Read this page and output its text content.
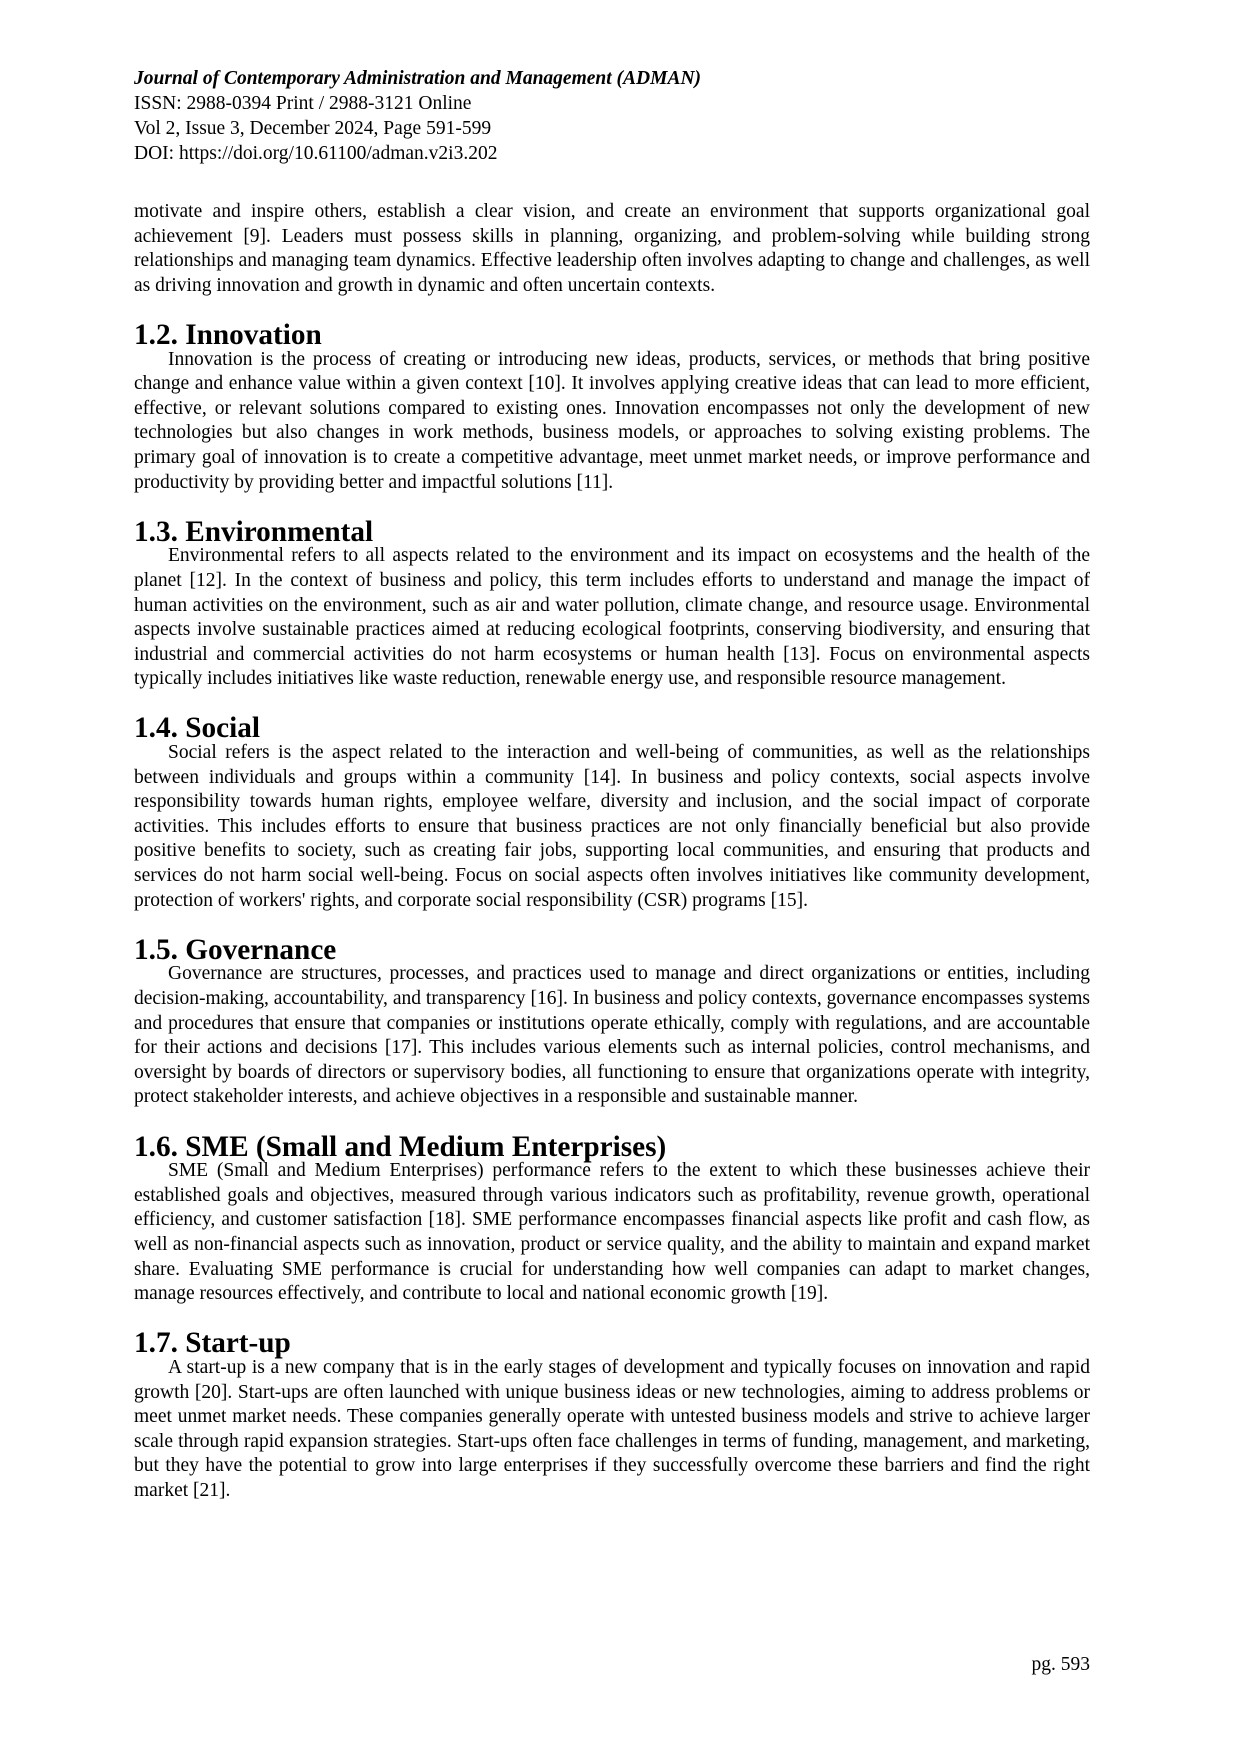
Journal of Contemporary Administration and Management (ADMAN)
ISSN: 2988-0394 Print / 2988-3121 Online
Vol 2, Issue 3, December 2024, Page 591-599
DOI: https://doi.org/10.61100/adman.v2i3.202

motivate and inspire others, establish a clear vision, and create an environment that supports organizational goal achievement [9]. Leaders must possess skills in planning, organizing, and problem-solving while building strong relationships and managing team dynamics. Effective leadership often involves adapting to change and challenges, as well as driving innovation and growth in dynamic and often uncertain contexts.

1.2. Innovation

Innovation is the process of creating or introducing new ideas, products, services, or methods that bring positive change and enhance value within a given context [10]. It involves applying creative ideas that can lead to more efficient, effective, or relevant solutions compared to existing ones. Innovation encompasses not only the development of new technologies but also changes in work methods, business models, or approaches to solving existing problems. The primary goal of innovation is to create a competitive advantage, meet unmet market needs, or improve performance and productivity by providing better and impactful solutions [11].

1.3. Environmental

Environmental refers to all aspects related to the environment and its impact on ecosystems and the health of the planet [12]. In the context of business and policy, this term includes efforts to understand and manage the impact of human activities on the environment, such as air and water pollution, climate change, and resource usage. Environmental aspects involve sustainable practices aimed at reducing ecological footprints, conserving biodiversity, and ensuring that industrial and commercial activities do not harm ecosystems or human health [13]. Focus on environmental aspects typically includes initiatives like waste reduction, renewable energy use, and responsible resource management.

1.4. Social

Social refers is the aspect related to the interaction and well-being of communities, as well as the relationships between individuals and groups within a community [14]. In business and policy contexts, social aspects involve responsibility towards human rights, employee welfare, diversity and inclusion, and the social impact of corporate activities. This includes efforts to ensure that business practices are not only financially beneficial but also provide positive benefits to society, such as creating fair jobs, supporting local communities, and ensuring that products and services do not harm social well-being. Focus on social aspects often involves initiatives like community development, protection of workers' rights, and corporate social responsibility (CSR) programs [15].

1.5. Governance

Governance are structures, processes, and practices used to manage and direct organizations or entities, including decision-making, accountability, and transparency [16]. In business and policy contexts, governance encompasses systems and procedures that ensure that companies or institutions operate ethically, comply with regulations, and are accountable for their actions and decisions [17]. This includes various elements such as internal policies, control mechanisms, and oversight by boards of directors or supervisory bodies, all functioning to ensure that organizations operate with integrity, protect stakeholder interests, and achieve objectives in a responsible and sustainable manner.

1.6. SME (Small and Medium Enterprises)

SME (Small and Medium Enterprises) performance refers to the extent to which these businesses achieve their established goals and objectives, measured through various indicators such as profitability, revenue growth, operational efficiency, and customer satisfaction [18]. SME performance encompasses financial aspects like profit and cash flow, as well as non-financial aspects such as innovation, product or service quality, and the ability to maintain and expand market share. Evaluating SME performance is crucial for understanding how well companies can adapt to market changes, manage resources effectively, and contribute to local and national economic growth [19].

1.7. Start-up

A start-up is a new company that is in the early stages of development and typically focuses on innovation and rapid growth [20]. Start-ups are often launched with unique business ideas or new technologies, aiming to address problems or meet unmet market needs. These companies generally operate with untested business models and strive to achieve larger scale through rapid expansion strategies. Start-ups often face challenges in terms of funding, management, and marketing, but they have the potential to grow into large enterprises if they successfully overcome these barriers and find the right market [21].

pg. 593
